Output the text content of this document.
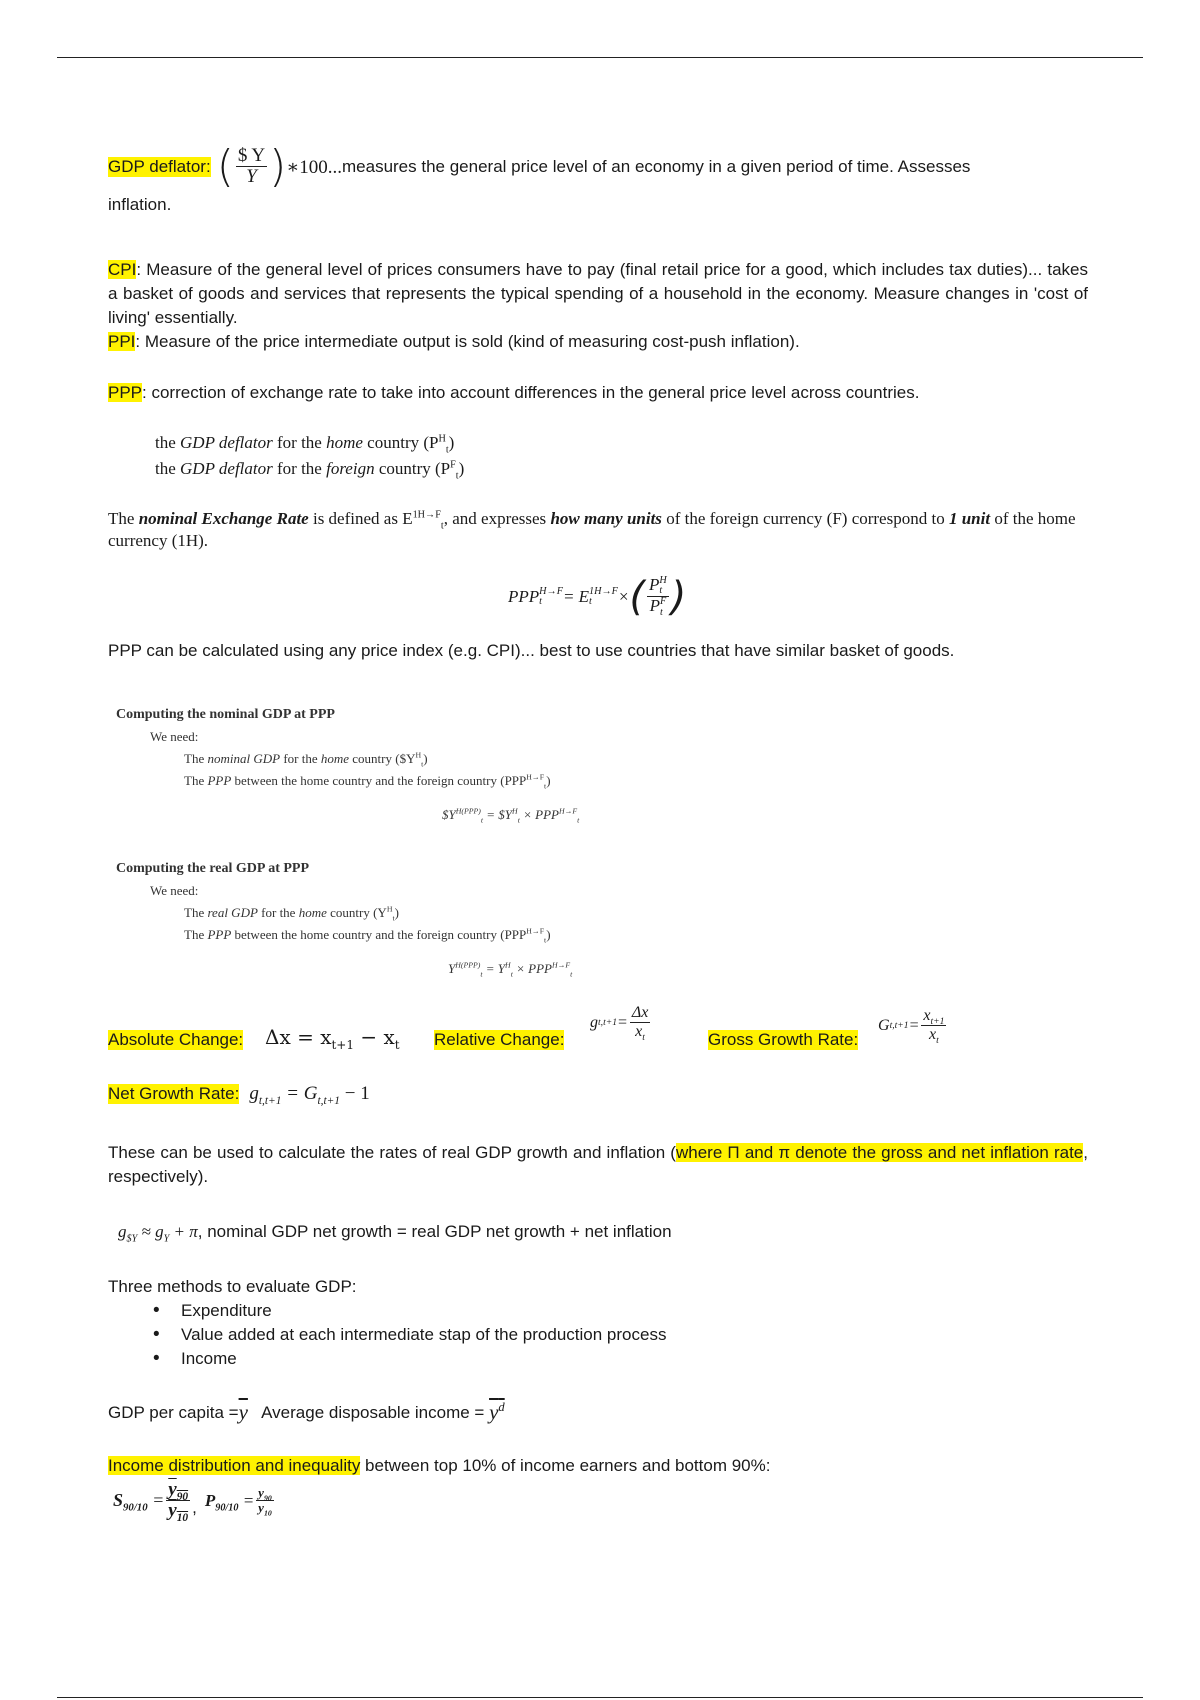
GDP deflator : ( $\frac{\$ Y}{Y}$ ) ∗100... measures the general price level of an economy in a given period of time. Assesses

inflation.

CPI: Measure of the general level of prices consumers have to pay (final retail price for a good, which includes tax duties)... takes a basket of goods and services that represents the typical spending of a household in the economy. Measure changes in 'cost of living' essentially.

PPI: Measure of the price intermediate output is sold (kind of measuring cost-push inflation).

PPP: correction of exchange rate to take into account differences in the general price level across countries.

the GDP deflator for the home country $(P^H_t)$
the GDP deflator for the foreign country $(P^F_t)$
The nominal Exchange Rate is defined as $E^{1H\to F}_t$, and expresses how many units of the foreign currency (F) correspond to 1 unit of the home
currency (1H).
PPP H→F
t	= E 1H→F
t	× ( P H
t
P F
t )

PPP can be calculated using any price index (e.g. CPI)... best to use countries that have similar basket of goods.

Computing the nominal GDP at PPP
We need:
The nominal GDP for the home country $(\$Y^H_t)$
The PPP between the home country and the foreign country $(PPP^{H\to F}_t)$
$\$Y^{H(PPP)}_t$ = $\$Y^H_t \times PPP^{H\to F}_t$
Computing the real GDP at PPP
We need:
The real GDP for the home country $(Y^H_t)$
The PPP between the home country and the foreign country $(PPP^{H\to F}_t)$
$Y^{H(PPP)}_t = Y^H_t \times PPP^{H\to F}_t$
Absolute Change: $\Delta x = x_{t+1} - x_t$ Relative Change:
g $t,t+1 = \frac{\Delta x}{x_t}$	Gross Growth Rate:
G $t,t+1 = \frac{x_{t+1}}{x_t}$
Net Growth Rate: $g_{t,t+1} = G_{t,t+1} - 1$

These can be used to calculate the rates of real GDP growth and inflation (where Π and π denote the gross and net inflation rate, respectively).

$g_{\$Y} \approx g_Y + \pi$ , nominal GDP net growth = real GDP net growth + net inflation

Three methods to evaluate GDP:

• Expenditure
• Value added at each intermediate stap of the production process
• Income
GDP per capita = $\overline{y}$ Average disposable income = $y^d$

Income distribution and inequality between top 10% of income earners and bottom 90%:

$S_{90/10} = \frac{y_{90}}{y_{10}}$ , $P_{90/10} = \frac{y_{90}}{y_{10}}$
